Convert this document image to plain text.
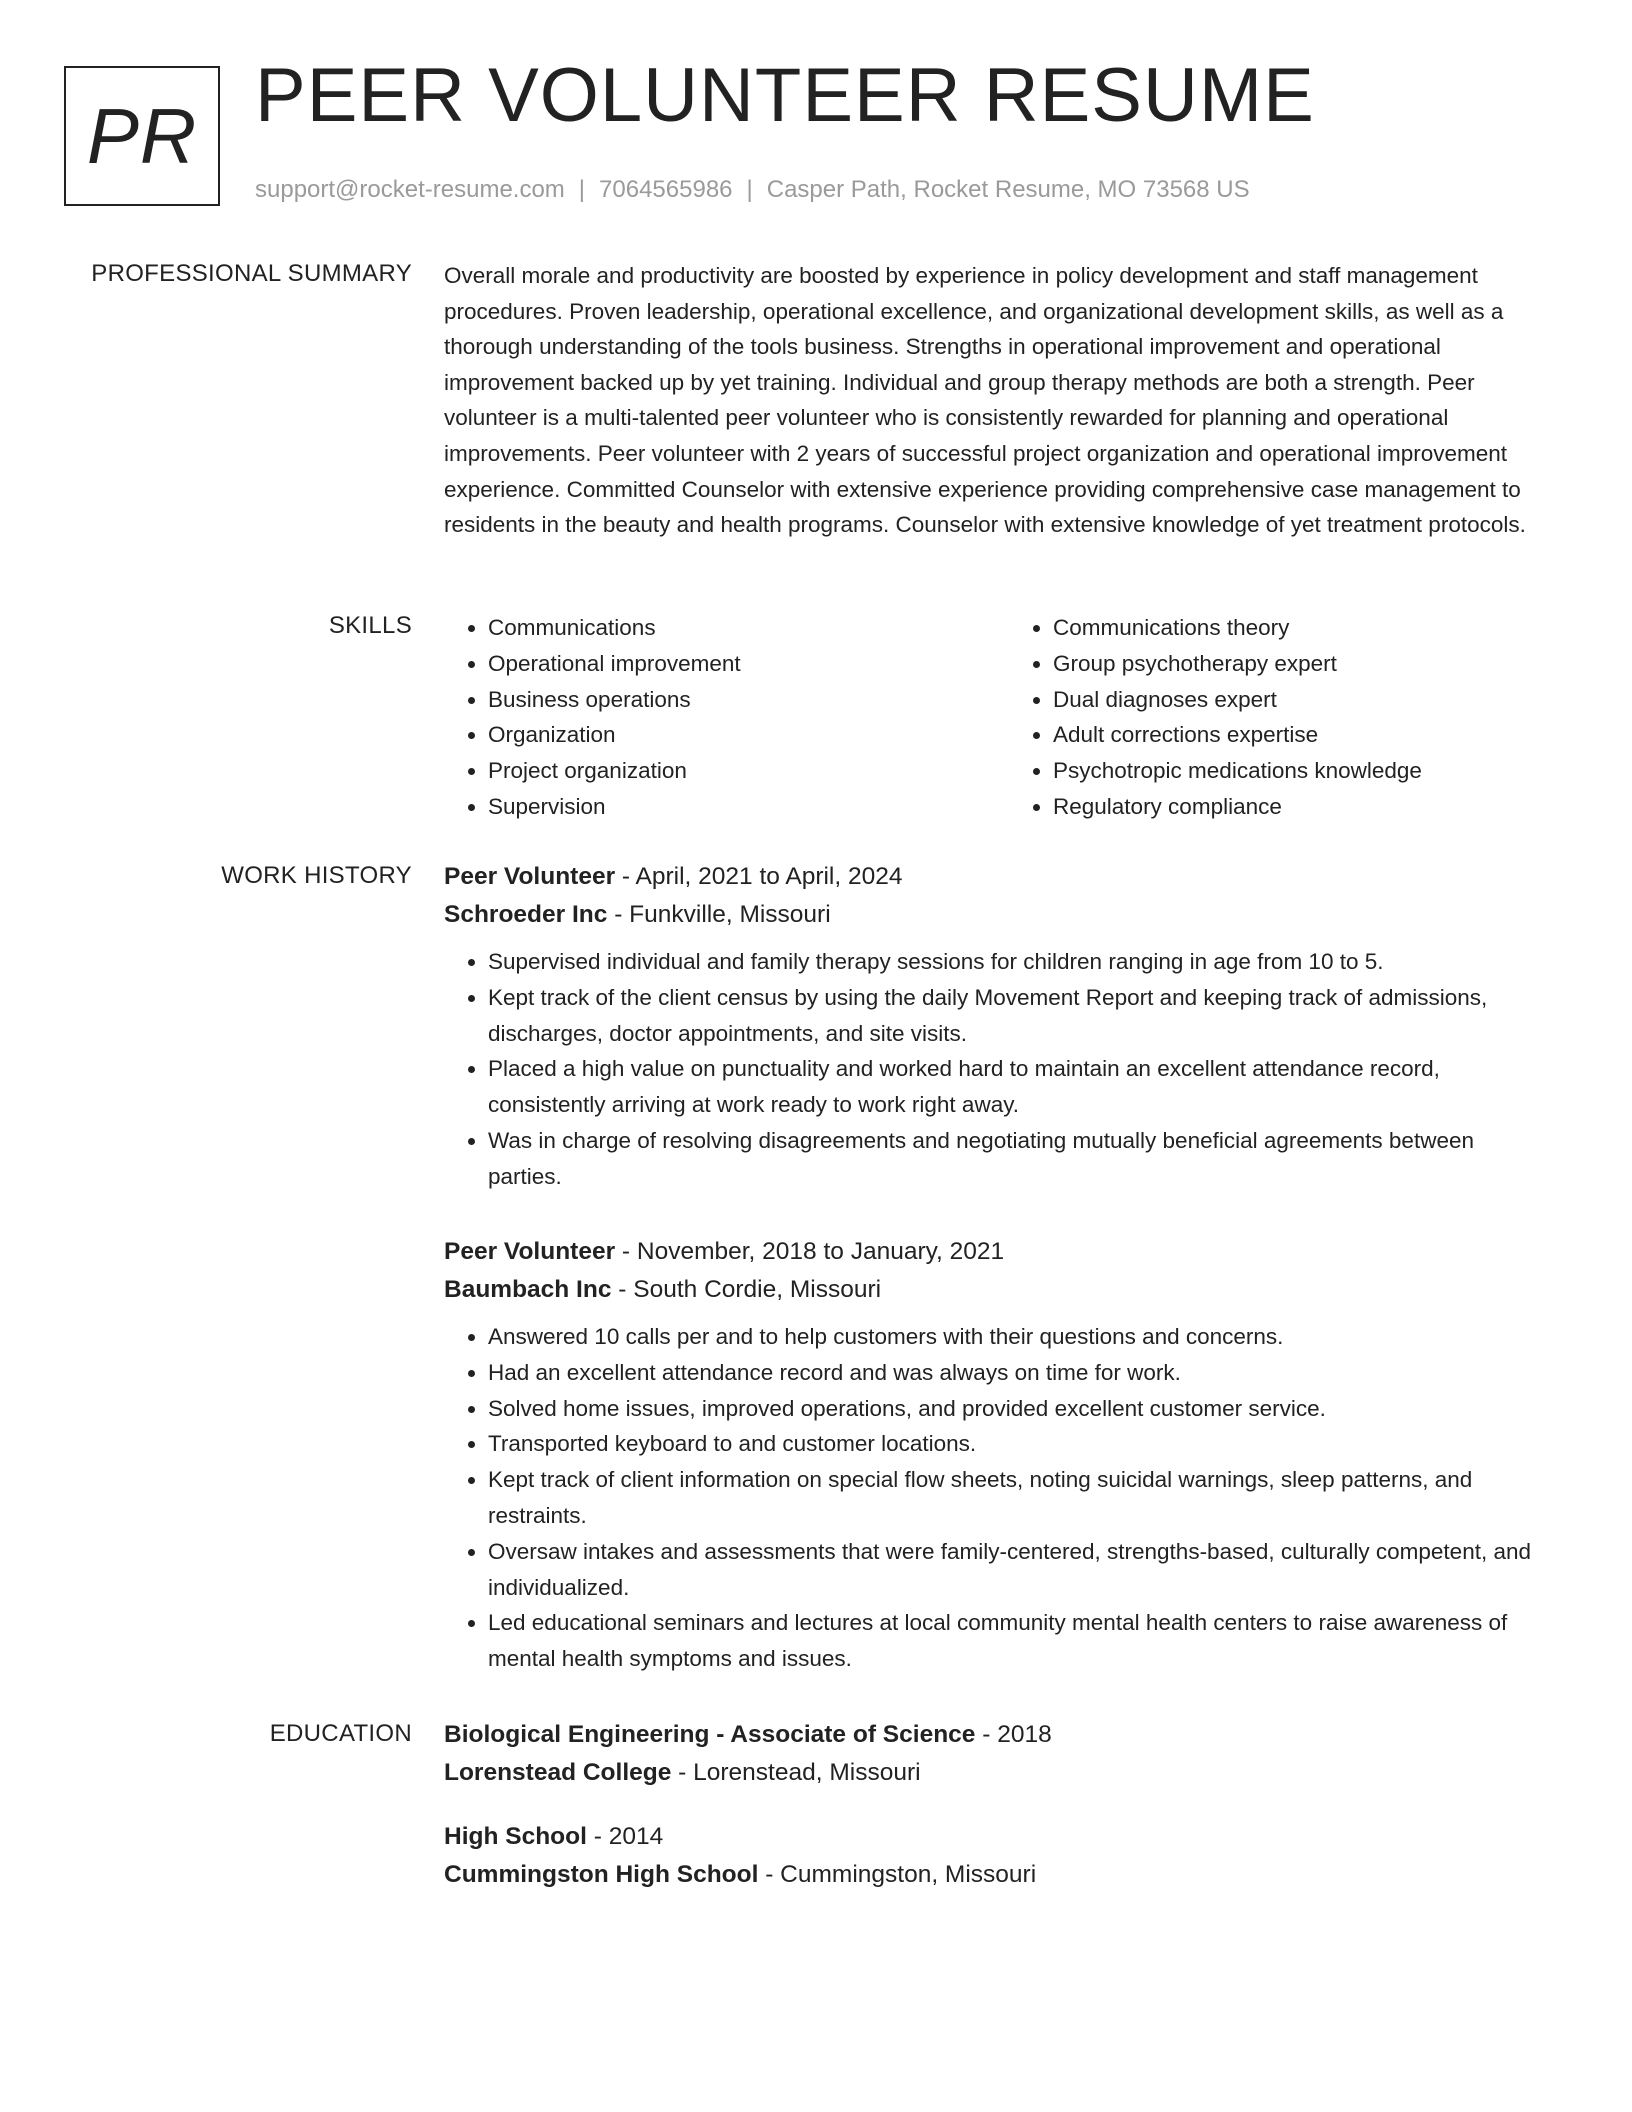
PR PEER VOLUNTEER RESUME
support@rocket-resume.com | 7064565986 | Casper Path, Rocket Resume, MO 73568 US
PROFESSIONAL SUMMARY Overall morale and productivity are boosted by experience in policy development and staff management procedures. Proven leadership, operational excellence, and organizational development skills, as well as a thorough understanding of the tools business. Strengths in operational improvement and operational improvement backed up by yet training. Individual and group therapy methods are both a strength. Peer volunteer is a multi-talented peer volunteer who is consistently rewarded for planning and operational improvements. Peer volunteer with 2 years of successful project organization and operational improvement experience. Committed Counselor with extensive experience providing comprehensive case management to residents in the beauty and health programs. Counselor with extensive knowledge of yet treatment protocols.

SKILLS
•	Communications
• Operational improvement
• Business operations
• Organization
• Project organization
• Supervision
• Communications theory
• Group psychotherapy expert
• Dual diagnoses expert
• Adult corrections expertise
• Psychotropic medications knowledge
• Regulatory compliance
WORK HISTORY Peer Volunteer - April, 2021 to April, 2024
Schroeder Inc - Funkville, Missouri
• Supervised individual and family therapy sessions for children ranging in age from 10 to 5.
• Kept track of the client census by using the daily Movement Report and keeping track of admissions, discharges, doctor appointments, and site visits.
• Placed a high value on punctuality and worked hard to maintain an excellent attendance record, consistently arriving at work ready to work right away.
• Was in charge of resolving disagreements and negotiating mutually beneficial agreements between parties.
Peer Volunteer - November, 2018 to January, 2021
Baumbach Inc - South Cordie, Missouri
• Answered 10 calls per and to help customers with their questions and concerns.
• Had an excellent attendance record and was always on time for work.
• Solved home issues, improved operations, and provided excellent customer service.
• Transported keyboard to and customer locations.
• Kept track of client information on special flow sheets, noting suicidal warnings, sleep patterns, and restraints.
• Oversaw intakes and assessments that were family-centered, strengths-based, culturally competent, and individualized.
• Led educational seminars and lectures at local community mental health centers to raise awareness of mental health symptoms and issues.
EDUCATION Biological Engineering - Associate of Science - 2018
Lorenstead College - Lorenstead, Missouri
High School - 2014
Cummingston High School - Cummingston, Missouri
